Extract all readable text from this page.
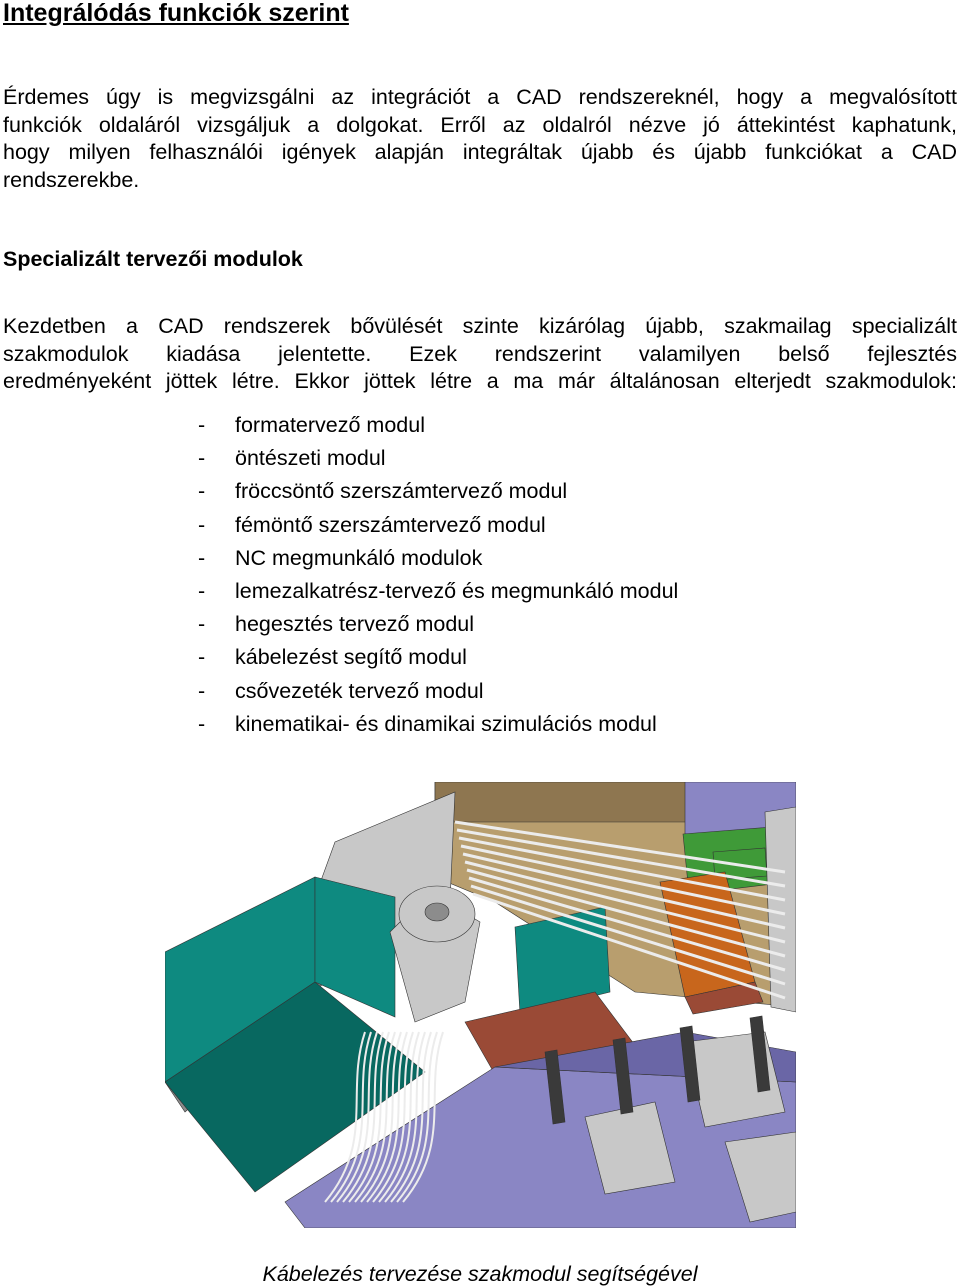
Integrálódás funkciók szerint

Érdemes úgy is megvizsgálni az integrációt a CAD rendszereknél, hogy a megvalósított
funkciók oldaláról vizsgáljuk a dolgokat. Erről az oldalról nézve jó áttekintést kaphatunk,
hogy milyen felhasználói igények alapján integráltak újabb és újabb funkciókat a CAD
rendszerekbe.

Specializált tervezői modulok

Kezdetben a CAD rendszerek bővülését szinte kizárólag újabb, szakmailag specializált
szakmodulok kiadása jelentette. Ezek rendszerint valamilyen belső fejlesztés
eredményeként jöttek létre. Ekkor jöttek létre a ma már általánosan elterjedt szakmodulok:

- formatervező modul
- öntészeti modul
- fröccsöntő szerszámtervező modul
- fémöntő szerszámtervező modul
- NC megmunkáló modulok
- lemezalkatrész-tervező és megmunkáló modul
- hegesztés tervező modul
- kábelezést segítő modul
- csővezeték tervező modul
- kinematikai- és dinamikai szimulációs modul

Kábelezés tervezése szakmodul segítségével
